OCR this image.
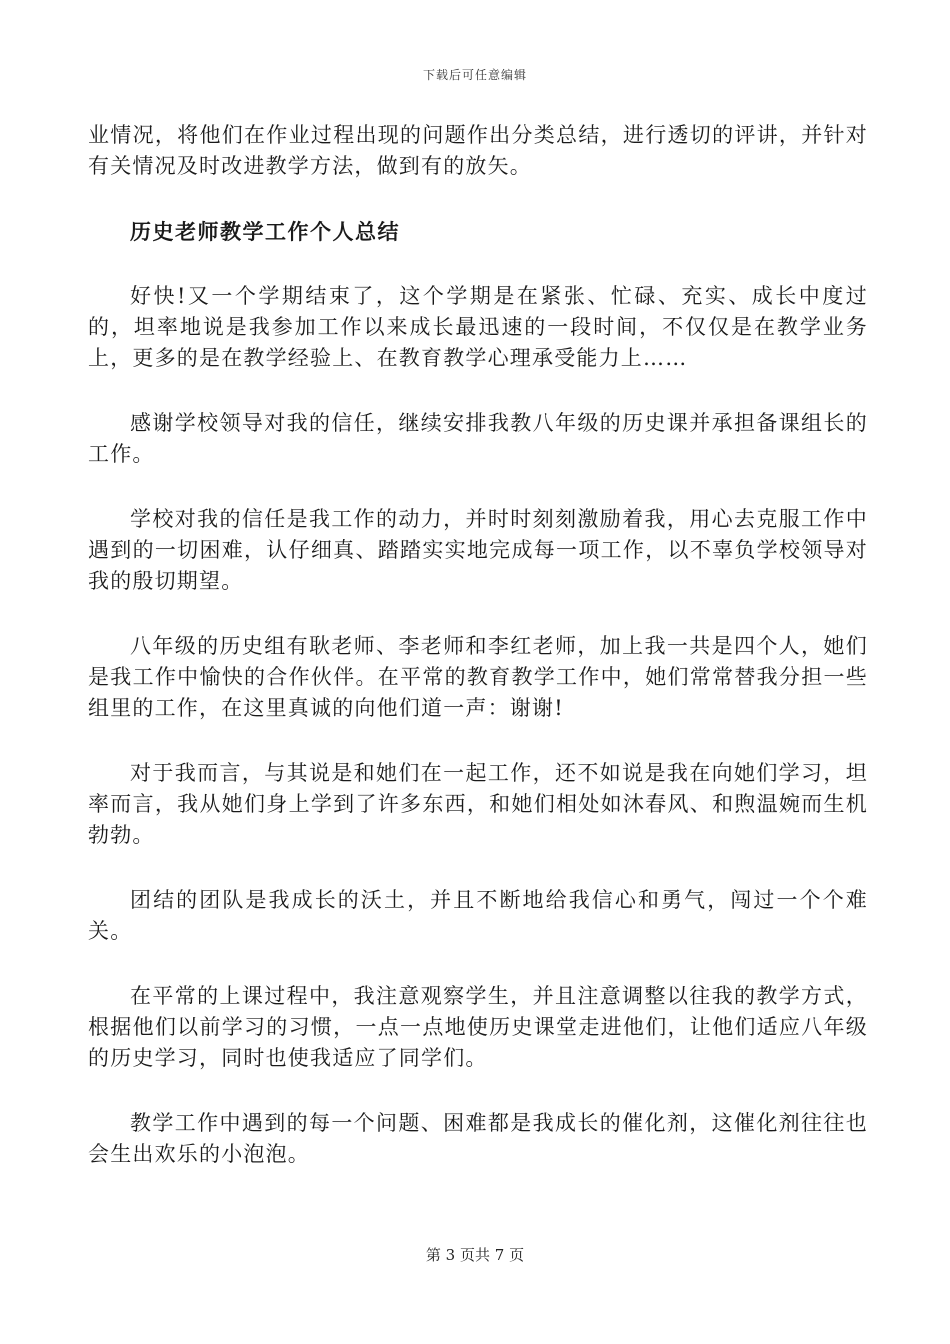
下载后可任意编辑

业情况，将他们在作业过程出现的问题作出分类总结，进行透切的评讲，并针对有关情况及时改进教学方法，做到有的放矢。

历史老师教学工作个人总结

好快!又一个学期结束了，这个学期是在紧张、忙碌、充实、成长中度过的，坦率地说是我参加工作以来成长最迅速的一段时间，不仅仅是在教学业务上，更多的是在教学经验上、在教育教学心理承受能力上……

感谢学校领导对我的信任，继续安排我教八年级的历史课并承担备课组长的工作。

学校对我的信任是我工作的动力，并时时刻刻激励着我，用心去克服工作中遇到的一切困难，认仔细真、踏踏实实地完成每一项工作，以不辜负学校领导对我的殷切期望。

八年级的历史组有耿老师、李老师和李红老师，加上我一共是四个人，她们是我工作中愉快的合作伙伴。在平常的教育教学工作中，她们常常替我分担一些组里的工作，在这里真诚的向他们道一声：谢谢!

对于我而言，与其说是和她们在一起工作，还不如说是我在向她们学习，坦率而言，我从她们身上学到了许多东西，和她们相处如沐春风、和煦温婉而生机勃勃。

团结的团队是我成长的沃土，并且不断地给我信心和勇气，闯过一个个难关。

在平常的上课过程中，我注意观察学生，并且注意调整以往我的教学方式，根据他们以前学习的习惯，一点一点地使历史课堂走进他们，让他们适应八年级的历史学习，同时也使我适应了同学们。

教学工作中遇到的每一个问题、困难都是我成长的催化剂，这催化剂往往也会生出欢乐的小泡泡。

第 3 页共 7 页
